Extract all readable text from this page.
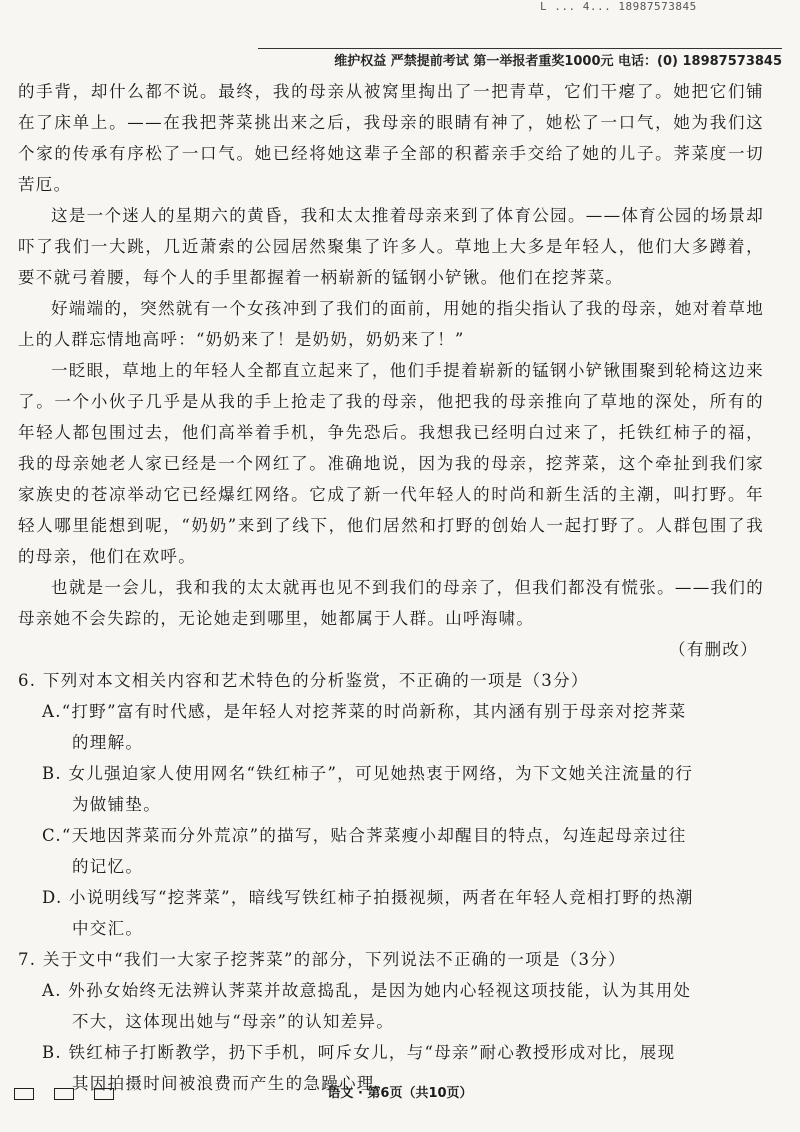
L ... 4... 18987573845
维护权益 严禁提前考试 第一举报者重奖1000元 电话：(0) 18987573845

的手背，却什么都不说。最终，我的母亲从被窝里掏出了一把青草，它们干瘪了。她把它们铺在了床单上。——在我把荠菜挑出来之后，我母亲的眼睛有神了，她松了一口气，她为我们这个家的传承有序松了一口气。她已经将她这辈子全部的积蓄亲手交给了她的儿子。荠菜度一切苦厄。

这是一个迷人的星期六的黄昏，我和太太推着母亲来到了体育公园。——体育公园的场景却吓了我们一大跳，几近萧索的公园居然聚集了许多人。草地上大多是年轻人，他们大多蹲着，要不就弓着腰，每个人的手里都握着一柄崭新的锰钢小铲锹。他们在挖荠菜。

好端端的，突然就有一个女孩冲到了我们的面前，用她的指尖指认了我的母亲，她对着草地上的人群忘情地高呼：“奶奶来了！是奶奶，奶奶来了！”

一眨眼，草地上的年轻人全都直立起来了，他们手提着崭新的锰钢小铲锹围聚到轮椅这边来了。一个小伙子几乎是从我的手上抢走了我的母亲，他把我的母亲推向了草地的深处，所有的年轻人都包围过去，他们高举着手机，争先恐后。我想我已经明白过来了，托铁红柿子的福，我的母亲她老人家已经是一个网红了。准确地说，因为我的母亲，挖荠菜，这个牵扯到我们家家族史的苍凉举动它已经爆红网络。它成了新一代年轻人的时尚和新生活的主潮，叫打野。年轻人哪里能想到呢，“奶奶”来到了线下，他们居然和打野的创始人一起打野了。人群包围了我的母亲，他们在欢呼。

也就是一会儿，我和我的太太就再也见不到我们的母亲了，但我们都没有慌张。——我们的母亲她不会失踪的，无论她走到哪里，她都属于人群。山呼海啸。

（有删改）

6. 下列对本文相关内容和艺术特色的分析鉴赏，不正确的一项是（3分）

A.“打野”富有时代感，是年轻人对挖荠菜的时尚新称，其内涵有别于母亲对挖荠菜

的理解。

B. 女儿强迫家人使用网名“铁红柿子”，可见她热衷于网络，为下文她关注流量的行

为做铺垫。

C.“天地因荠菜而分外荒凉”的描写，贴合荠菜瘦小却醒目的特点，勾连起母亲过往

的记忆。

D. 小说明线写“挖荠菜”，暗线写铁红柿子拍摄视频，两者在年轻人竞相打野的热潮

中交汇。

7. 关于文中“我们一大家子挖荠菜”的部分，下列说法不正确的一项是（3分）

A. 外孙女始终无法辨认荠菜并故意捣乱，是因为她内心轻视这项技能，认为其用处

不大，这体现出她与“母亲”的认知差异。

B. 铁红柿子打断教学，扔下手机，呵斥女儿，与“母亲”耐心教授形成对比，展现

其因拍摄时间被浪费而产生的急躁心理。

语文 · 第6页（共10页）
